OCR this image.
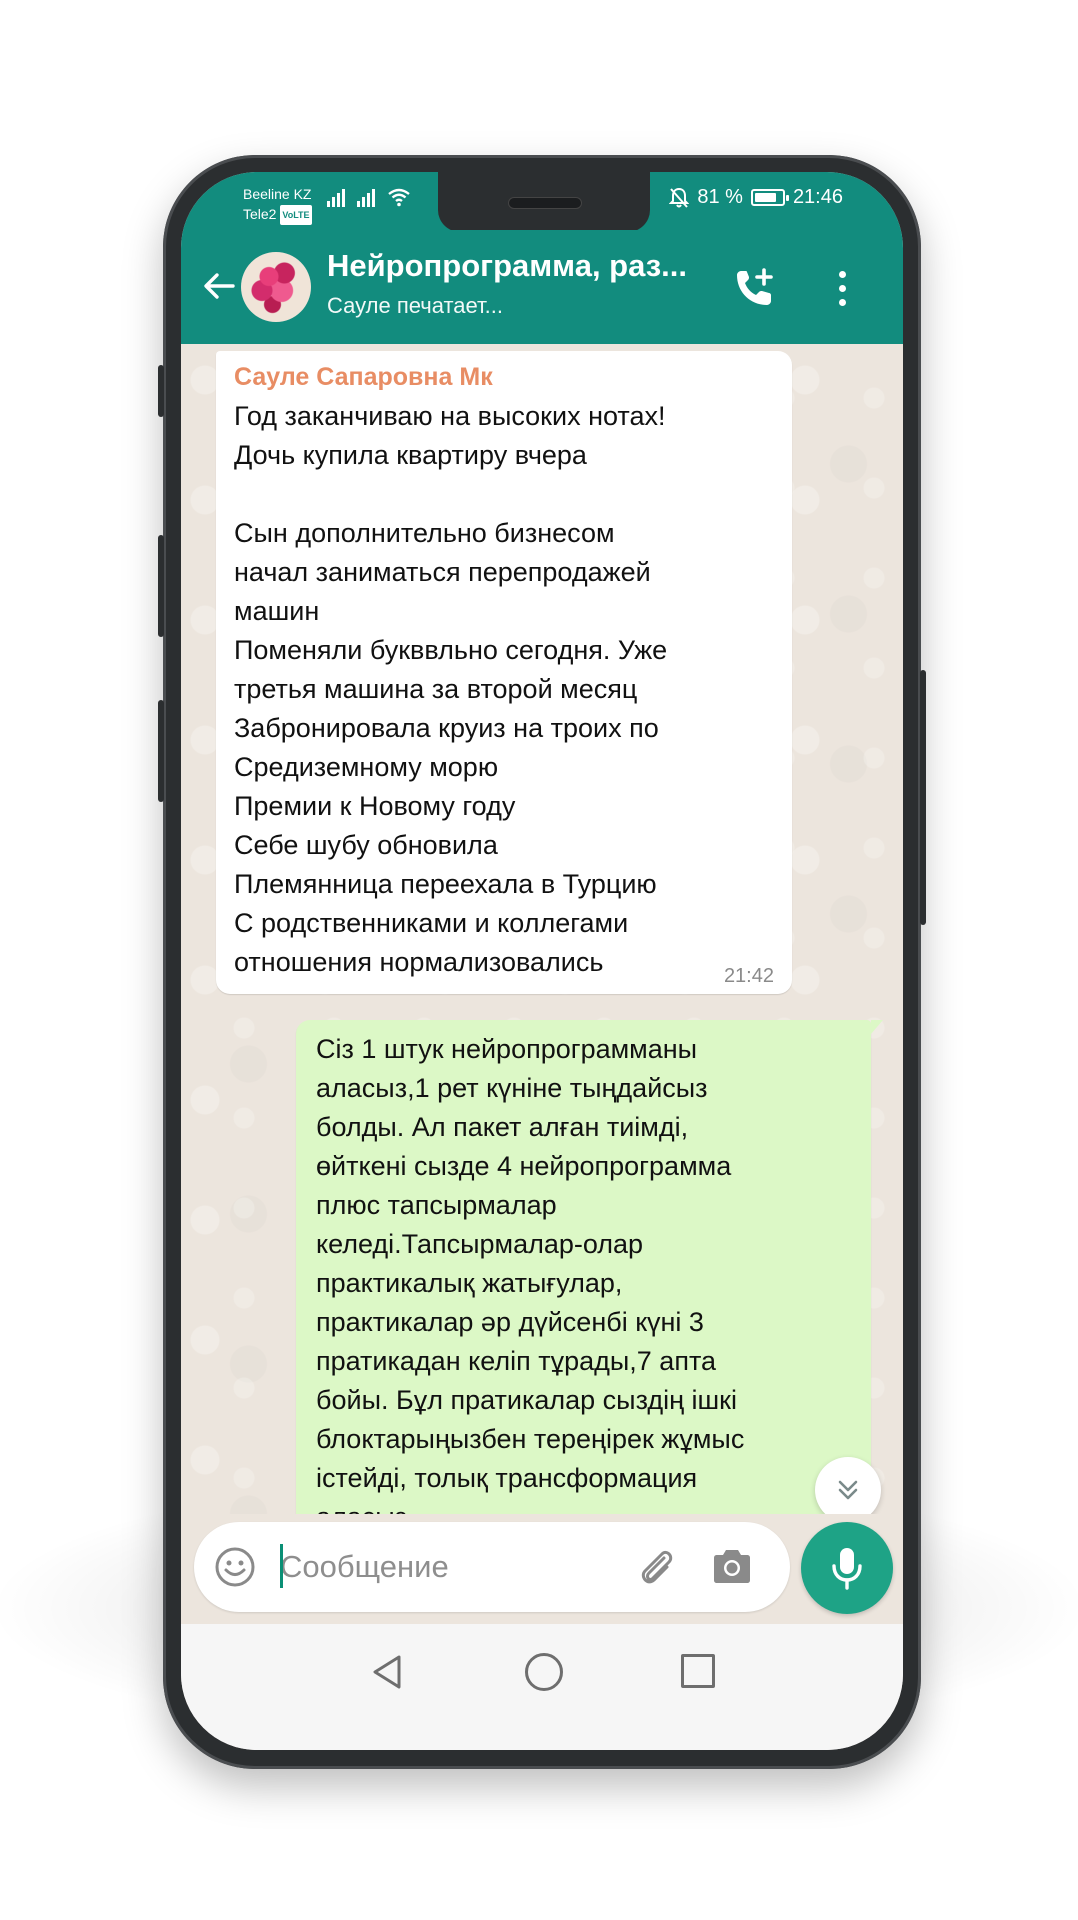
Beeline KZ
Tele2 VoLTE
81 %	21:46
Нейропрограмма, раз...
Сауле печатает...
Сауле Сапаровна Мк
Год заканчиваю на высоких нотах!
Дочь купила квартиру вчера
Сын дополнительно бизнесом
начал заниматься перепродажей
машин
Поменяли букввльно сегодня. Уже
третья машина за второй месяц
Забронировала круиз на троих по
Средиземному морю
Премии к Новому году
Себе шубу обновила
Племянница переехала в Турцию
С родственниками и коллегами
отношения нормализовались	21:42
Сіз 1 штук нейропрограмманы
аласыз,1 рет күніне тыңдайсыз
болды. Ал пакет алған тиімді,
өйткені сызде 4 нейропрограмма
плюс тапсырмалар
келеді.Тапсырмалар-олар
практикалық жатығулар,
практикалар әр дүйсенбі күні 3
пратикадан келіп тұрады,7 апта
бойы. Бұл пратикалар сыздің ішкі
блоктарыңызбен тереңірек жұмыс
істейді, толық трансформация
Сообщение
